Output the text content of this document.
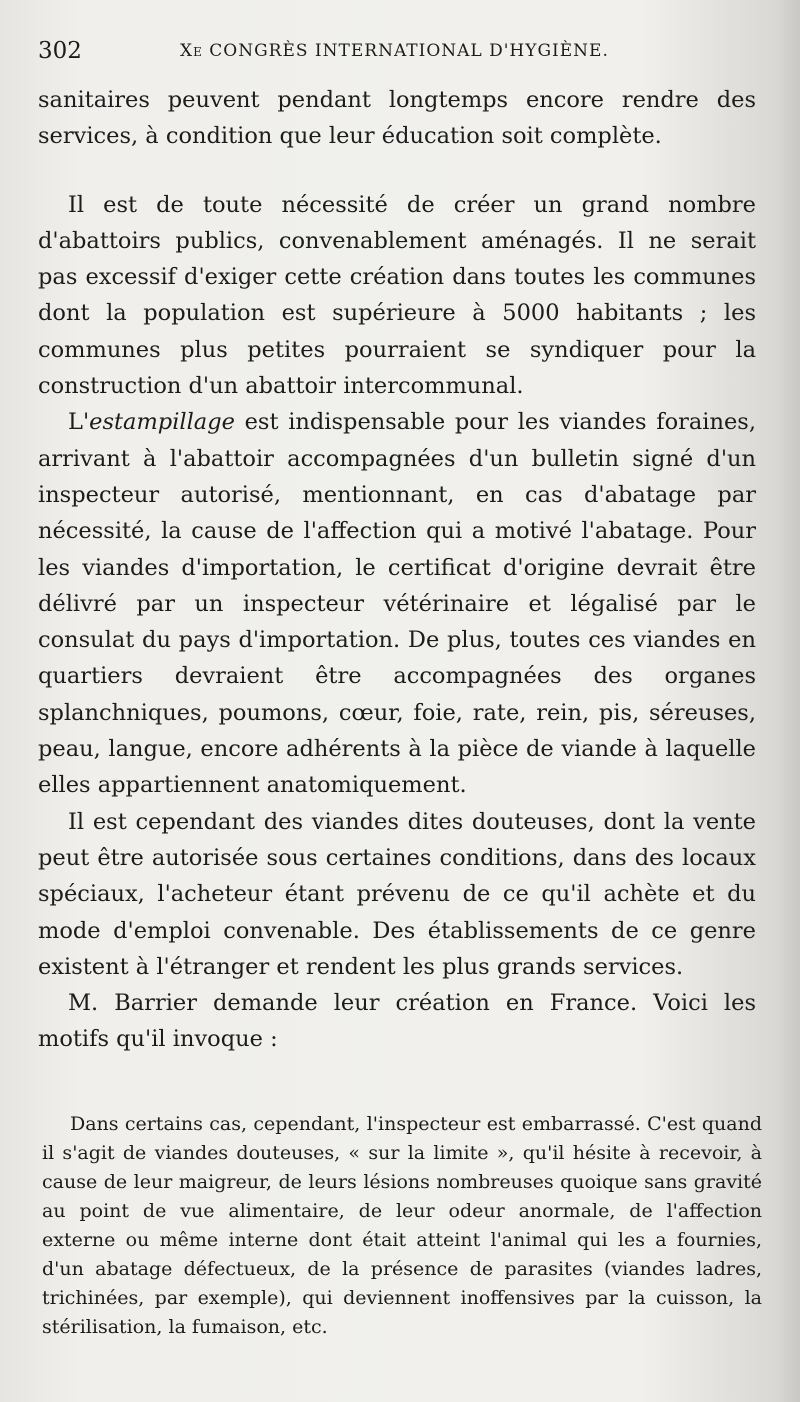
302	Xe CONGRÈS INTERNATIONAL D'HYGIÈNE.

sanitaires peuvent pendant longtemps encore rendre des services, à condition que leur éducation soit complète.

Il est de toute nécessité de créer un grand nombre d'abattoirs publics, convenablement aménagés. Il ne serait pas excessif d'exiger cette création dans toutes les communes dont la population est supérieure à 5000 habitants ; les communes plus petites pourraient se syndiquer pour la construction d'un abattoir intercommunal.

L'estampillage est indispensable pour les viandes foraines, arrivant à l'abattoir accompagnées d'un bulletin signé d'un inspecteur autorisé, mentionnant, en cas d'abatage par nécessité, la cause de l'affection qui a motivé l'abatage. Pour les viandes d'importation, le certificat d'origine devrait être délivré par un inspecteur vétérinaire et légalisé par le consulat du pays d'importation. De plus, toutes ces viandes en quartiers devraient être accompagnées des organes splanchniques, poumons, cœur, foie, rate, rein, pis, séreuses, peau, langue, encore adhérents à la pièce de viande à laquelle elles appartiennent anatomiquement.

Il est cependant des viandes dites douteuses, dont la vente peut être autorisée sous certaines conditions, dans des locaux spéciaux, l'acheteur étant prévenu de ce qu'il achète et du mode d'emploi convenable. Des établissements de ce genre existent à l'étranger et rendent les plus grands services.

M. Barrier demande leur création en France. Voici les motifs qu'il invoque :

Dans certains cas, cependant, l'inspecteur est embarrassé. C'est quand il s'agit de viandes douteuses, « sur la limite », qu'il hésite à recevoir, à cause de leur maigreur, de leurs lésions nombreuses quoique sans gravité au point de vue alimentaire, de leur odeur anormale, de l'affection externe ou même interne dont était atteint l'animal qui les a fournies, d'un abatage défectueux, de la présence de parasites (viandes ladres, trichinées, par exemple), qui deviennent inoffensives par la cuisson, la stérilisation, la fumaison, etc.
